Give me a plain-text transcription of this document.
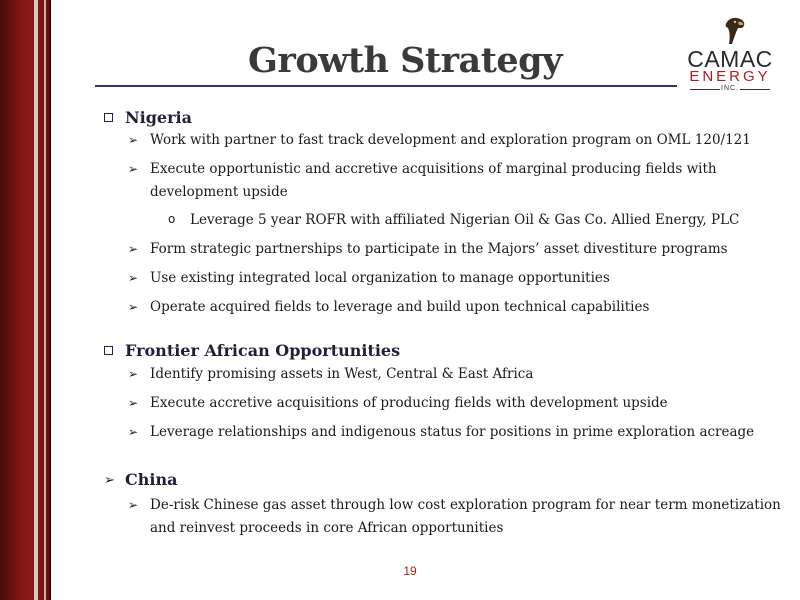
Growth Strategy	CAMAC
ENERGY
INC.
Nigeria
➢ Work with partner to fast track development and exploration program on OML 120/121
➢ Execute opportunistic and accretive acquisitions of marginal producing fields with
development upside
o Leverage 5 year ROFR with affiliated Nigerian Oil & Gas Co. Allied Energy, PLC
➢ Form strategic partnerships to participate in the Majors’ asset divestiture programs
➢ Use existing integrated local organization to manage opportunities
➢ Operate acquired fields to leverage and build upon technical capabilities
Frontier African Opportunities
➢ Identify promising assets in West, Central & East Africa
➢ Execute accretive acquisitions of producing fields with development upside
➢ Leverage relationships and indigenous status for positions in prime exploration acreage
➢ China
➢ De-risk Chinese gas asset through low cost exploration program for near term monetization
and reinvest proceeds in core African opportunities
19
